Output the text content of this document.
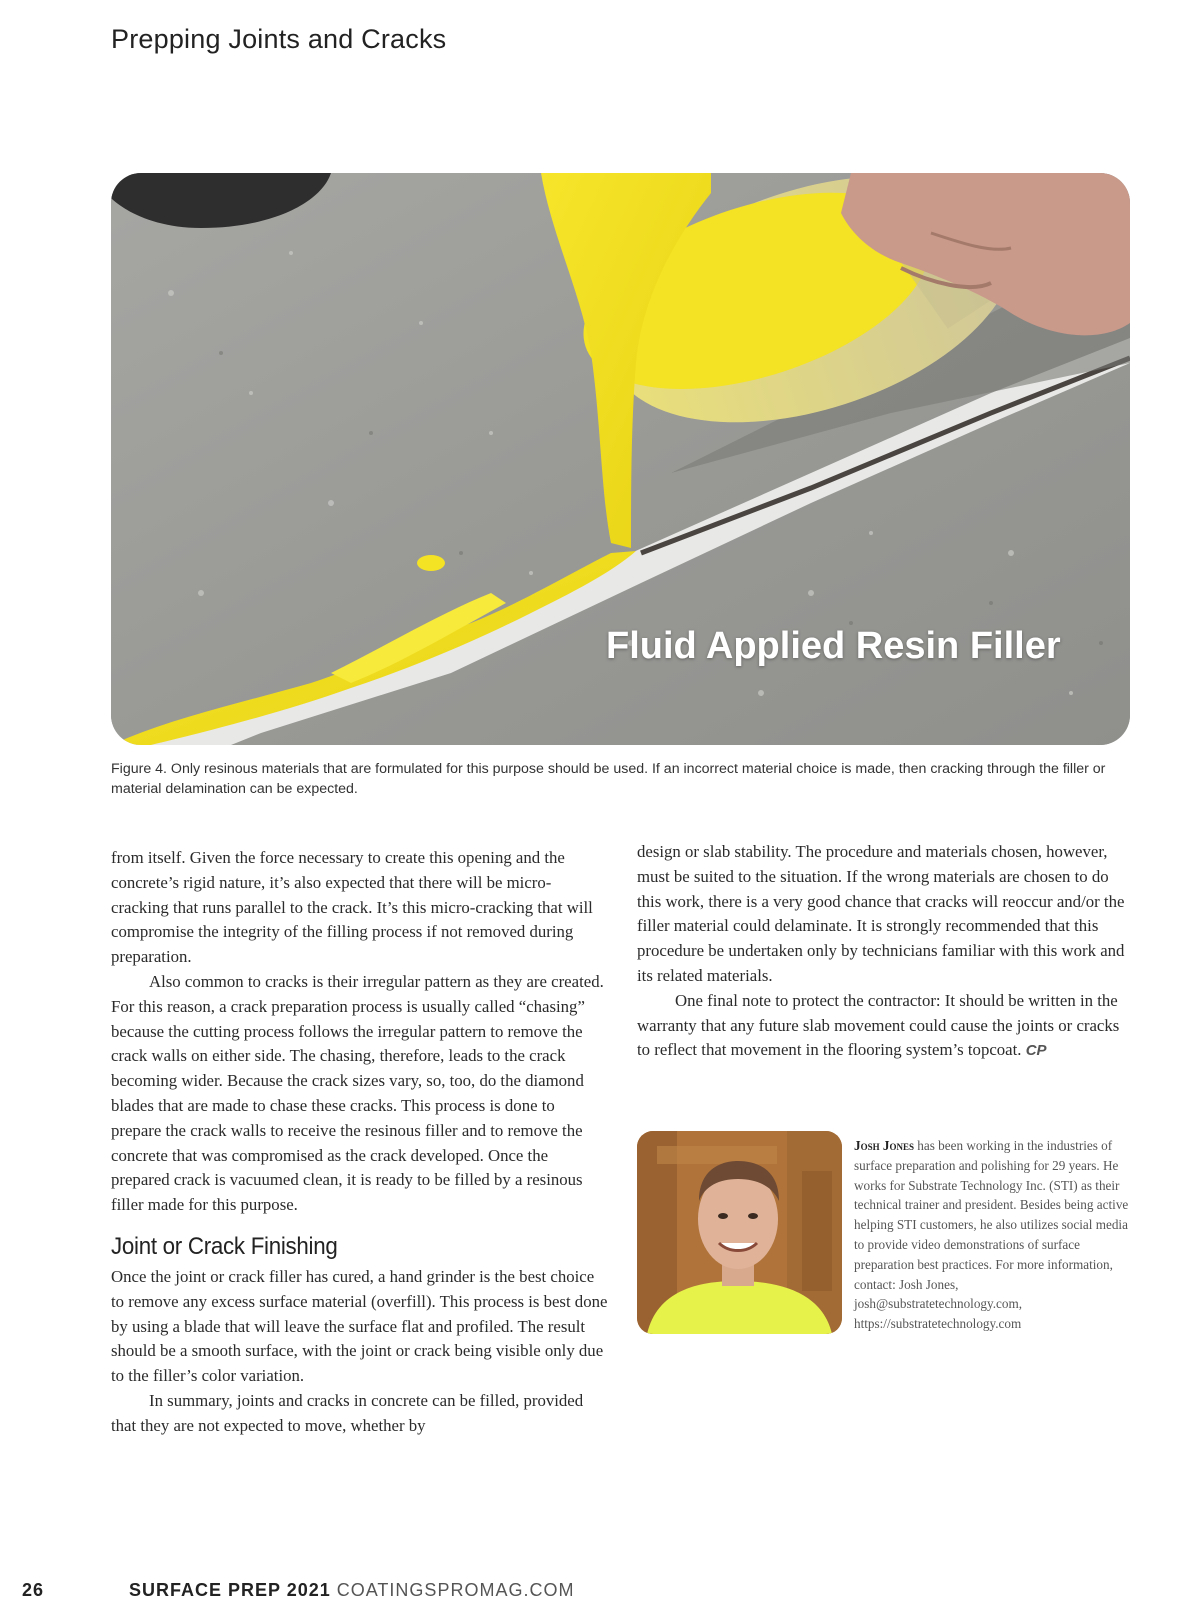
Prepping Joints and Cracks
Fluid Applied Resin Filler
Figure 4. Only resinous materials that are formulated for this purpose should be used. If an incorrect material choice is made, then cracking through the filler or material delamination can be expected.

from itself. Given the force necessary to create this opening and the concrete’s rigid nature, it’s also expected that there will be micro-cracking that runs parallel to the crack. It’s this micro-cracking that will compromise the integrity of the filling process if not removed during preparation.

Also common to cracks is their irregular pattern as they are created. For this reason, a crack preparation process is usually called “chasing” because the cutting process follows the irregular pattern to remove the crack walls on either side. The chasing, therefore, leads to the crack becoming wider. Because the crack sizes vary, so, too, do the diamond blades that are made to chase these cracks. This process is done to prepare the crack walls to receive the resinous filler and to remove the concrete that was compromised as the crack developed. Once the prepared crack is vacuumed clean, it is ready to be filled by a resinous filler made for this purpose.

Joint or Crack Finishing

Once the joint or crack filler has cured, a hand grinder is the best choice to remove any excess surface material (overfill). This process is best done by using a blade that will leave the surface flat and profiled. The result should be a smooth surface, with the joint or crack being visible only due to the filler’s color variation.

In summary, joints and cracks in concrete can be filled, provided that they are not expected to move, whether by

design or slab stability. The procedure and materials chosen, however, must be suited to the situation. If the wrong materials are chosen to do this work, there is a very good chance that cracks will reoccur and/or the filler material could delaminate. It is strongly recommended that this procedure be undertaken only by technicians familiar with this work and its related materials.

One final note to protect the contractor: It should be written in the warranty that any future slab movement could cause the joints or cracks to reflect that movement in the flooring system’s topcoat. CP

Josh Jones has been working in the industries of surface preparation and polishing for 29 years. He works for Substrate Technology Inc. (STI) as their technical trainer and president. Besides being active helping STI customers, he also utilizes social media to provide video demonstrations of surface preparation best practices. For more information, contact: Josh Jones, josh@substratetechnology.com, https://substratetechnology.com
26	SURFACE PREP 2021 COATINGSPROMAG.COM
